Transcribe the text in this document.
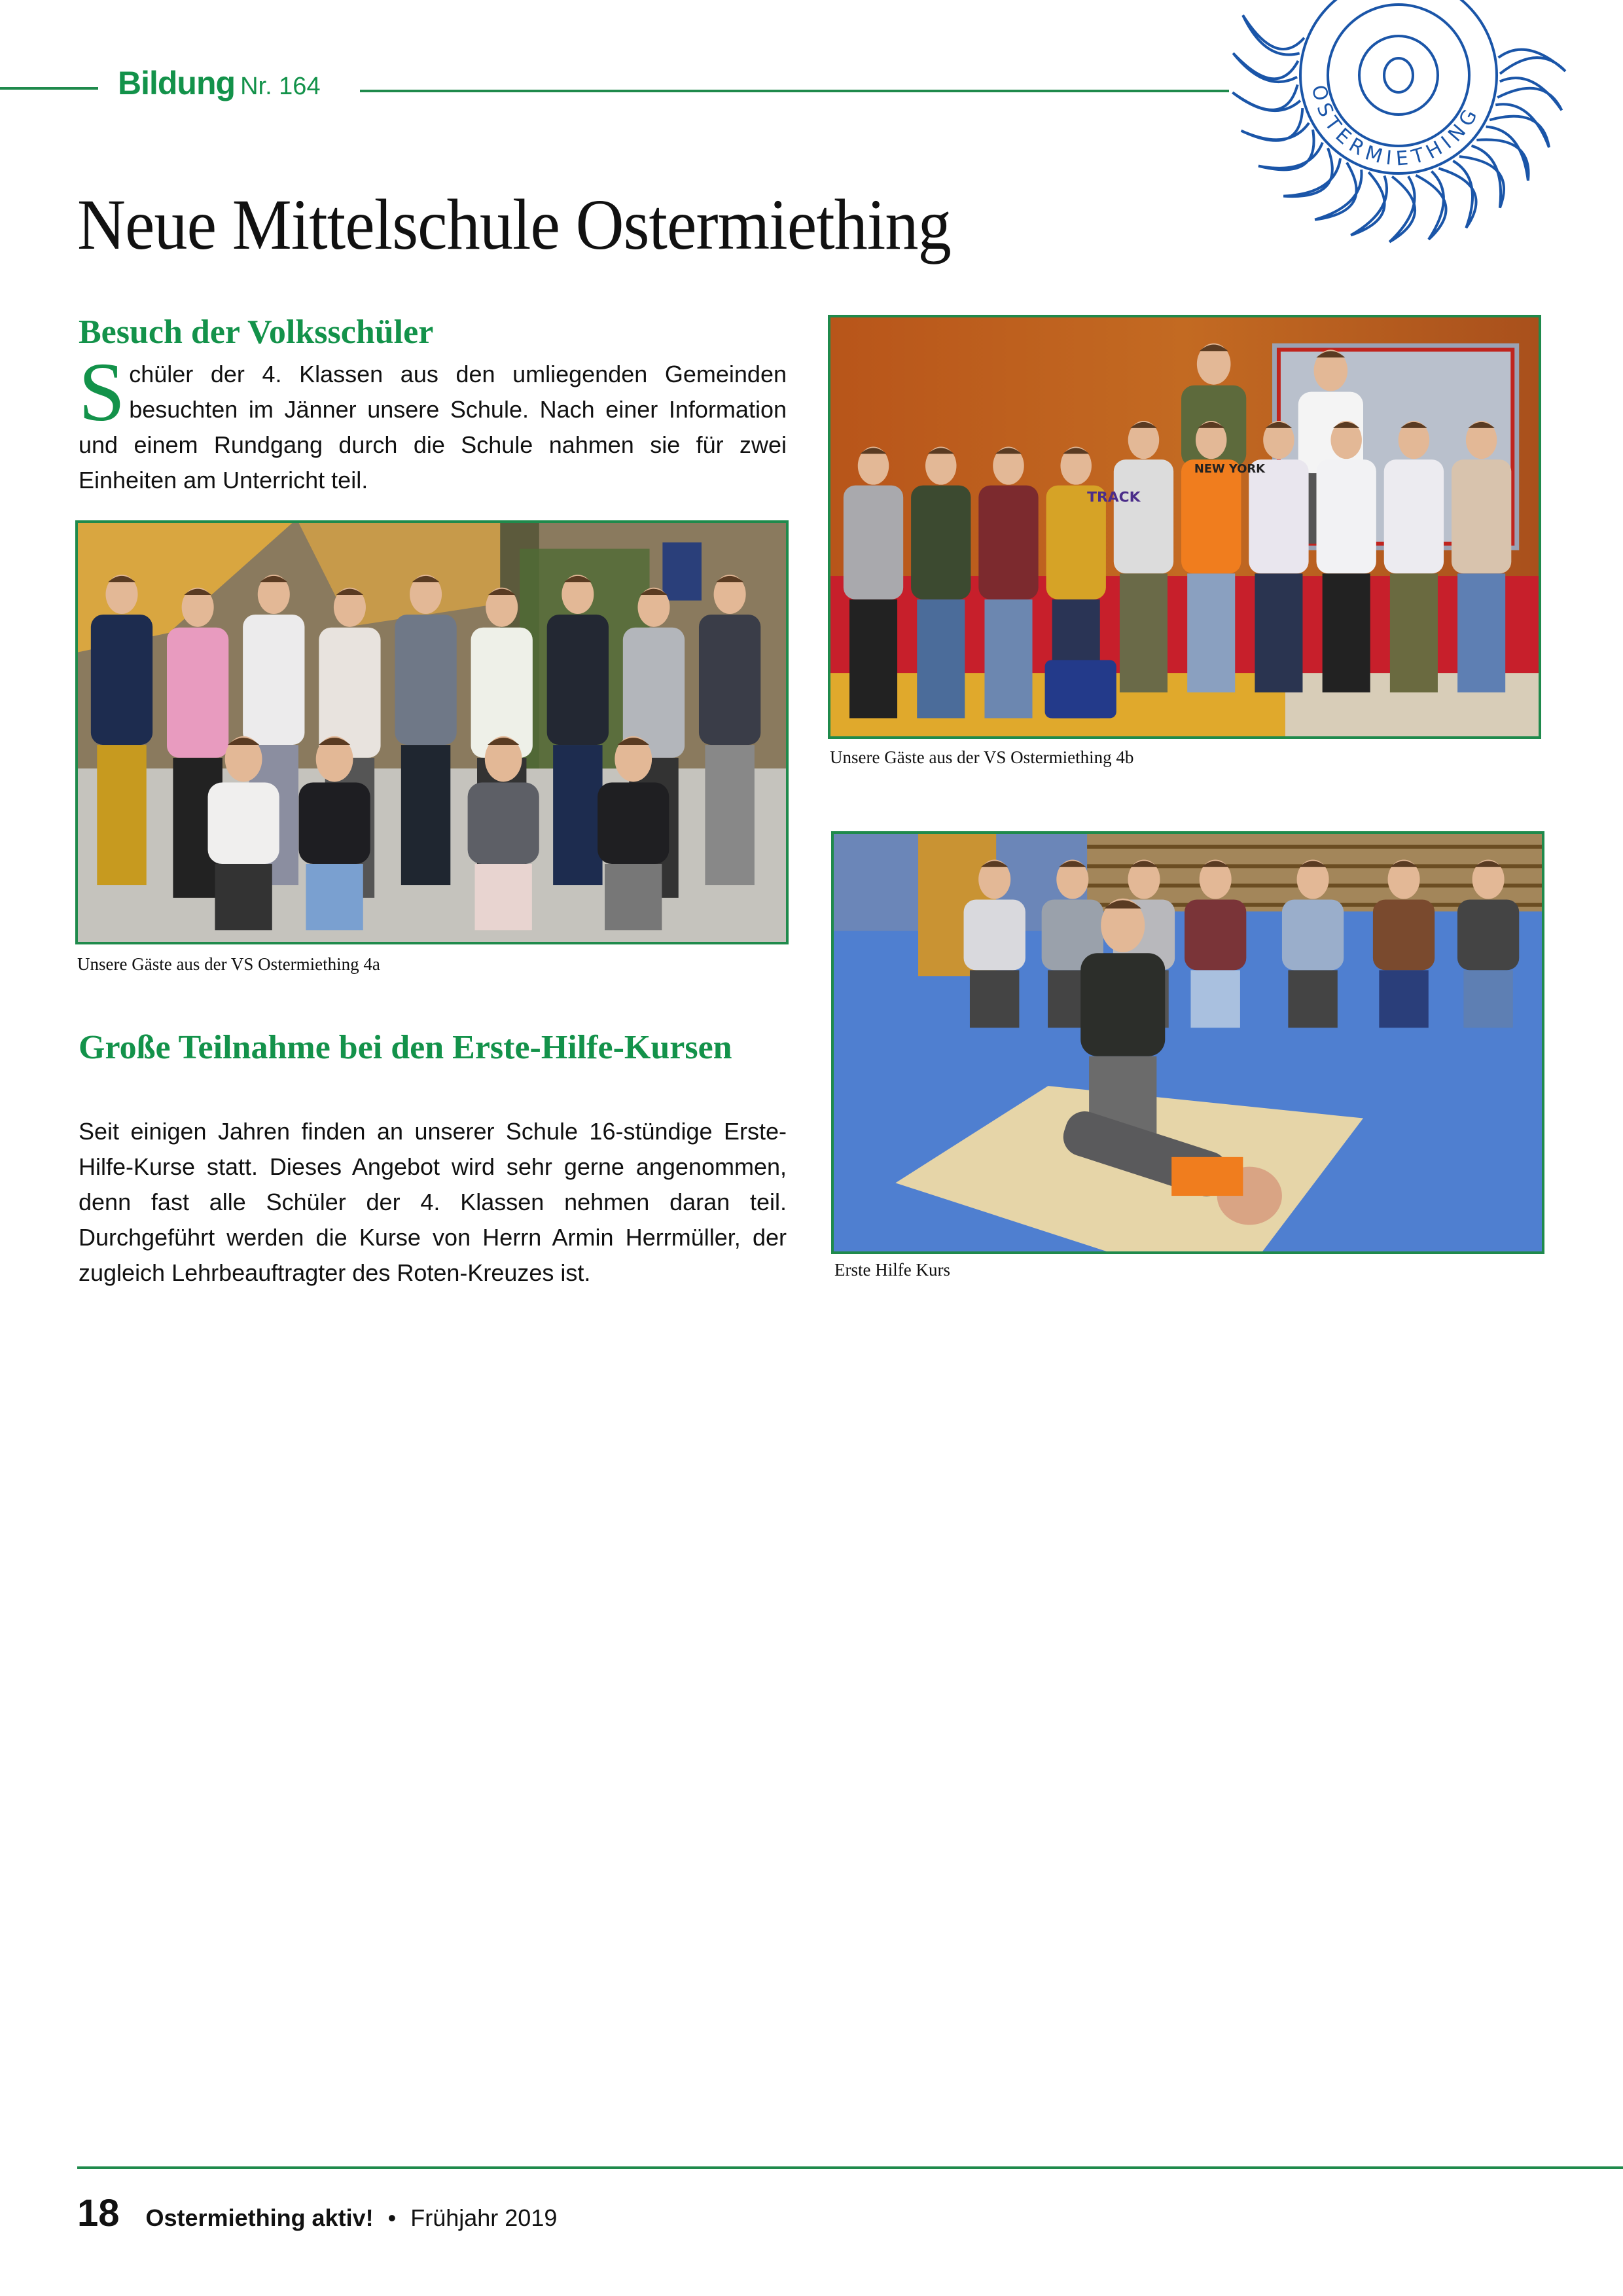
Bildung Nr. 164	OSTERMIETHING
Neue Mittelschule Ostermiething
Besuch der Volksschüler
Schüler der 4. Klassen aus den umliegenden Gemeinden besuchten im Jänner unsere Schule. Nach einer Information und einem Rundgang durch die Schule nahmen sie für zwei Einheiten am Unterricht teil.
Unsere Gäste aus der VS Ostermiething 4a
NEW YORK
TRACK
Unsere Gäste aus der VS Ostermiething 4b
Erste Hilfe Kurs
Große Teilnahme bei den Erste-Hilfe-Kursen
Seit einigen Jahren finden an unserer Schule 16-stündige Erste-Hilfe-Kurse statt. Dieses Angebot wird sehr gerne angenommen, denn fast alle Schüler der 4. Klassen nehmen daran teil. Durchgeführt werden die Kurse von Herrn Armin Herrmüller, der zugleich Lehrbeauftragter des Roten-Kreuzes ist.
18 Ostermiething aktiv! • Frühjahr 2019
